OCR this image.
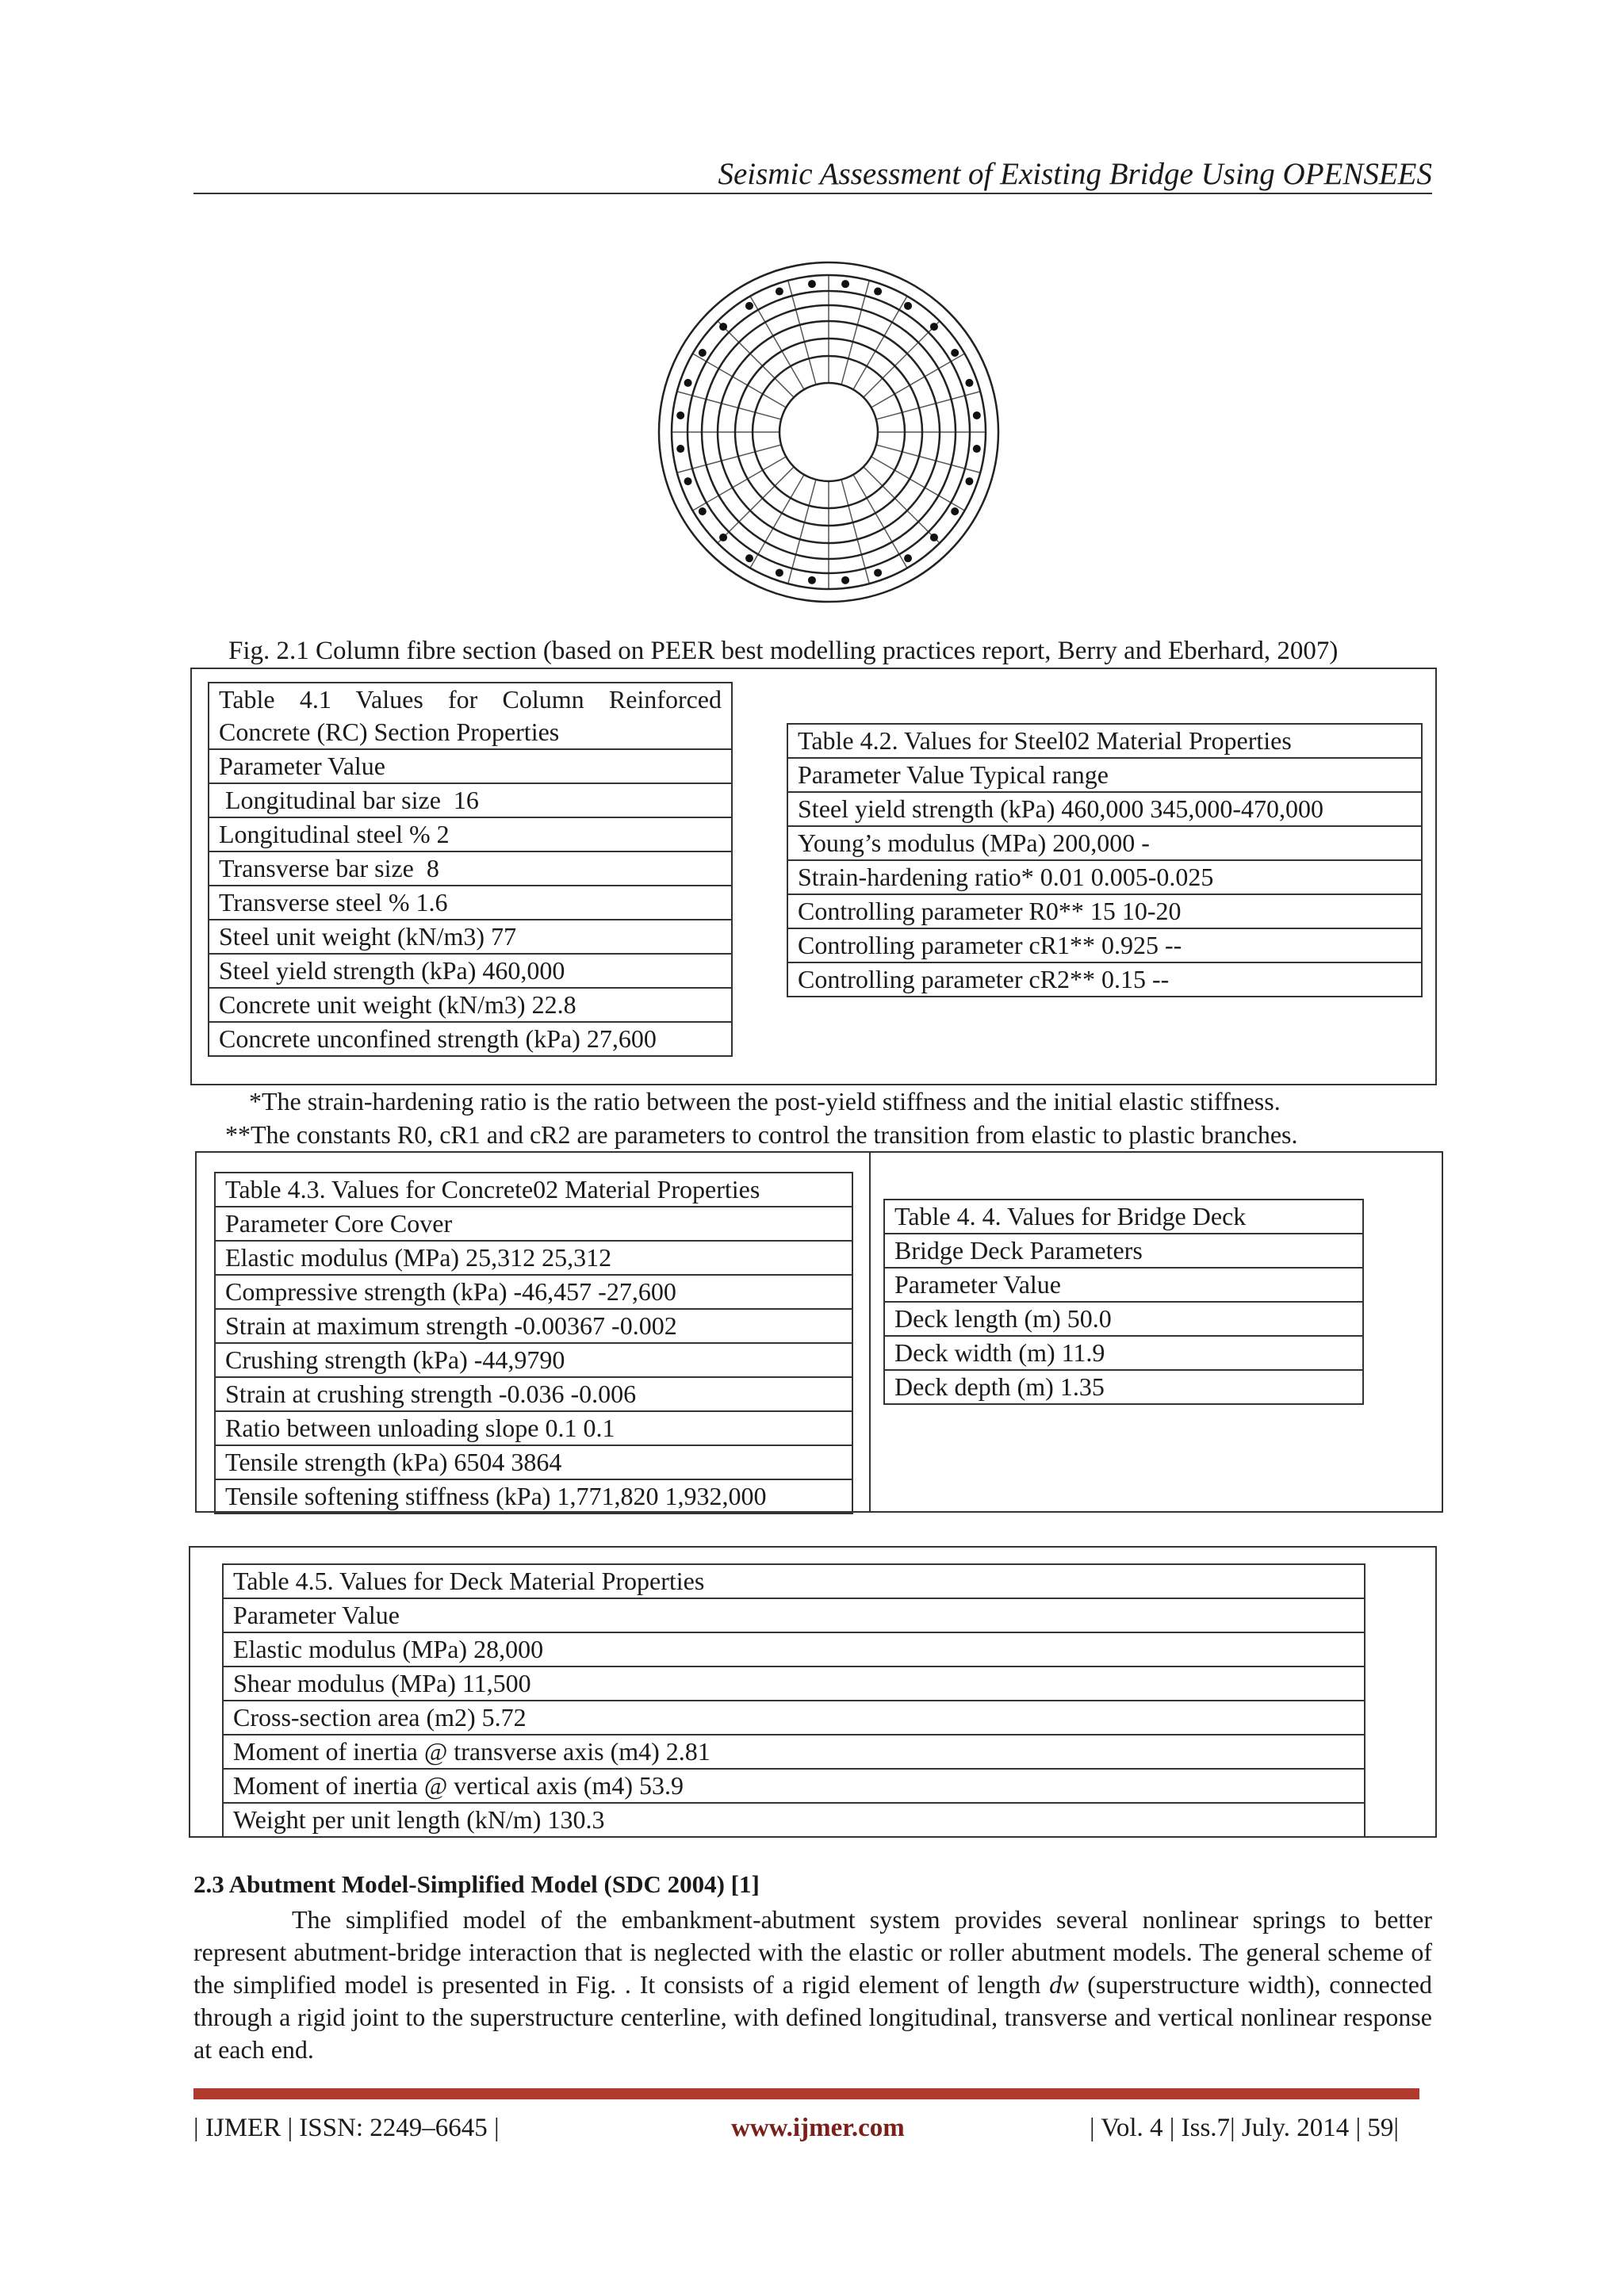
Seismic Assessment of Existing Bridge Using OPENSEES
Fig. 2.1 Column fibre section (based on PEER best modelling practices report, Berry and Eberhard, 2007)
Table 4.1 Values for Column Reinforced Concrete (RC) Section Properties
Parameter Value
Longitudinal bar size  16
Longitudinal steel % 2
Transverse bar size  8
Transverse steel % 1.6
Steel unit weight (kN/m3) 77
Steel yield strength (kPa) 460,000
Concrete unit weight (kN/m3) 22.8
Concrete unconfined strength (kPa) 27,600
Table 4.2. Values for Steel02 Material Properties
Parameter Value Typical range
Steel yield strength (kPa) 460,000 345,000-470,000
Young’s modulus (MPa) 200,000 -
Strain-hardening ratio* 0.01 0.005-0.025
Controlling parameter R0** 15 10-20
Controlling parameter cR1** 0.925 --
Controlling parameter cR2** 0.15 --
*The strain-hardening ratio is the ratio between the post-yield stiffness and the initial elastic stiffness.
**The constants R0, cR1 and cR2 are parameters to control the transition from elastic to plastic branches.
Table 4.3. Values for Concrete02 Material Properties
Parameter Core Cover
Elastic modulus (MPa) 25,312 25,312
Compressive strength (kPa) -46,457 -27,600
Strain at maximum strength -0.00367 -0.002
Crushing strength (kPa) -44,9790
Strain at crushing strength -0.036 -0.006
Ratio between unloading slope 0.1 0.1
Tensile strength (kPa) 6504 3864
Tensile softening stiffness (kPa) 1,771,820 1,932,000
Table 4. 4. Values for Bridge Deck
Bridge Deck Parameters
Parameter Value
Deck length (m) 50.0
Deck width (m) 11.9
Deck depth (m) 1.35
Table 4.5. Values for Deck Material Properties
Parameter Value
Elastic modulus (MPa) 28,000
Shear modulus (MPa) 11,500
Cross-section area (m2) 5.72
Moment of inertia @ transverse axis (m4) 2.81
Moment of inertia @ vertical axis (m4) 53.9
Weight per unit length (kN/m) 130.3
2.3 Abutment Model-Simplified Model (SDC 2004) [1]

The simplified model of the embankment-abutment system provides several nonlinear springs to better represent abutment-bridge interaction that is neglected with the elastic or roller abutment models. The general scheme of the simplified model is presented in Fig. . It consists of a rigid element of length dw (superstructure width), connected through a rigid joint to the superstructure centerline, with defined longitudinal, transverse and vertical nonlinear response at each end.

| IJMER | ISSN: 2249–6645 |	www.ijmer.com	| Vol. 4 | Iss.7| July. 2014 | 59|
